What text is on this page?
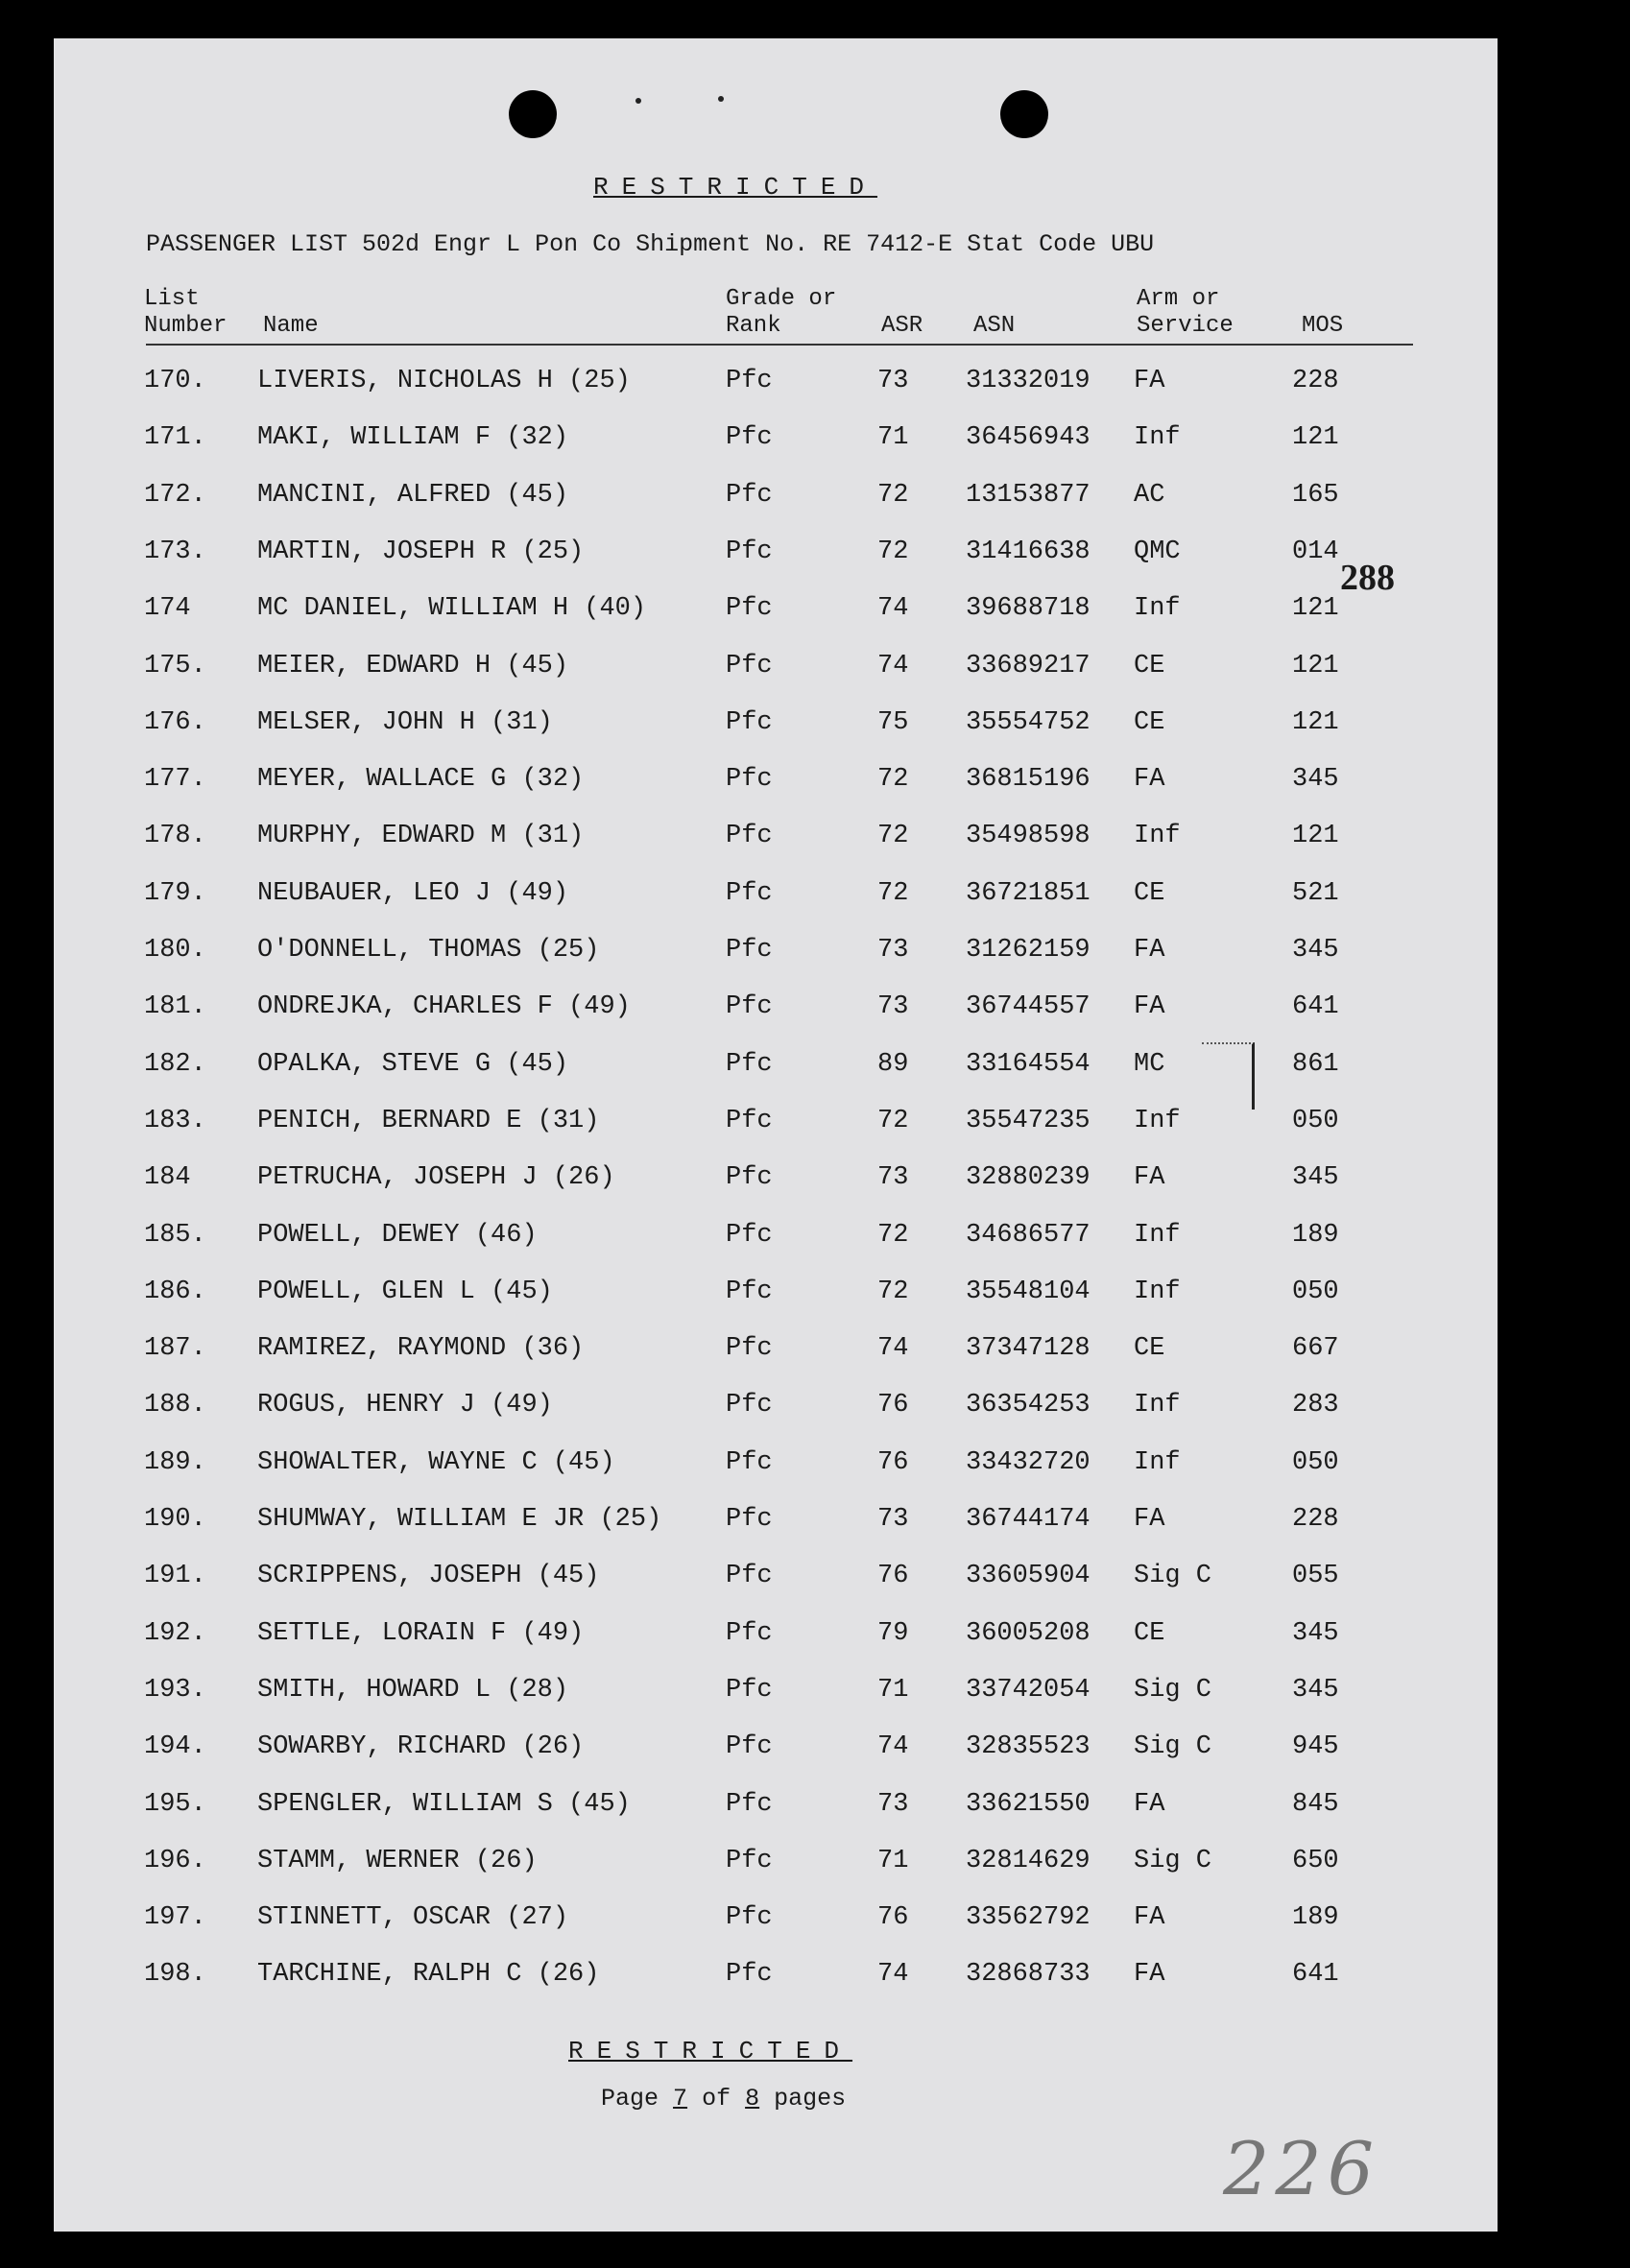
RESTRICTED
PASSENGER LIST 502d Engr L Pon Co Shipment No. RE 7412-E Stat Code UBU
List
Number Name
Grade or
Rank	ASR ASN
Arm or
Service	MOS
170. LIVERIS, NICHOLAS H (25)	Pfc	73 31332019 FA	228
171. MAKI, WILLIAM F (32)	Pfc	71 36456943 Inf	121
172. MANCINI, ALFRED (45)	Pfc	72 13153877 AC	165
173. MARTIN, JOSEPH R (25)	Pfc	72 31416638 QMC	014
174	MC DANIEL, WILLIAM H (40)	Pfc	74 39688718 Inf	121
175. MEIER, EDWARD H (45)	Pfc	74 33689217 CE	121
176. MELSER, JOHN H (31)	Pfc	75 35554752 CE	121
177. MEYER, WALLACE G (32)	Pfc	72 36815196 FA	345
178. MURPHY, EDWARD M (31)	Pfc	72 35498598 Inf	121
179. NEUBAUER, LEO J (49)	Pfc	72 36721851 CE	521
180. O'DONNELL, THOMAS (25)	Pfc	73 31262159 FA	345
181. ONDREJKA, CHARLES F (49)	Pfc	73 36744557 FA	641
182. OPALKA, STEVE G (45)	Pfc	89 33164554 MC	861
183. PENICH, BERNARD E (31)	Pfc	72 35547235 Inf	050
184	PETRUCHA, JOSEPH J (26)	Pfc	73 32880239 FA	345
185. POWELL, DEWEY (46)	Pfc	72 34686577 Inf	189
186. POWELL, GLEN L (45)	Pfc	72 35548104 Inf	050
187. RAMIREZ, RAYMOND (36)	Pfc	74 37347128 CE	667
188. ROGUS, HENRY J (49)	Pfc	76 36354253 Inf	283
189. SHOWALTER, WAYNE C (45)	Pfc	76 33432720 Inf	050
190. SHUMWAY, WILLIAM E JR (25) Pfc	73 36744174 FA	228
191. SCRIPPENS, JOSEPH (45)	Pfc	76 33605904 Sig C	055
192. SETTLE, LORAIN F (49)	Pfc	79 36005208 CE	345
193. SMITH, HOWARD L (28)	Pfc	71 33742054 Sig C	345
194. SOWARBY, RICHARD (26)	Pfc	74 32835523 Sig C	945
195. SPENGLER, WILLIAM S (45)	Pfc	73 33621550 FA	845
196. STAMM, WERNER (26)	Pfc	71 32814629 Sig C	650
197. STINNETT, OSCAR (27)	Pfc	76 33562792 FA	189
198. TARCHINE, RALPH C (26)	Pfc	74 32868733 FA	641
288
RESTRICTED
Page 7 of 8 pages
226
